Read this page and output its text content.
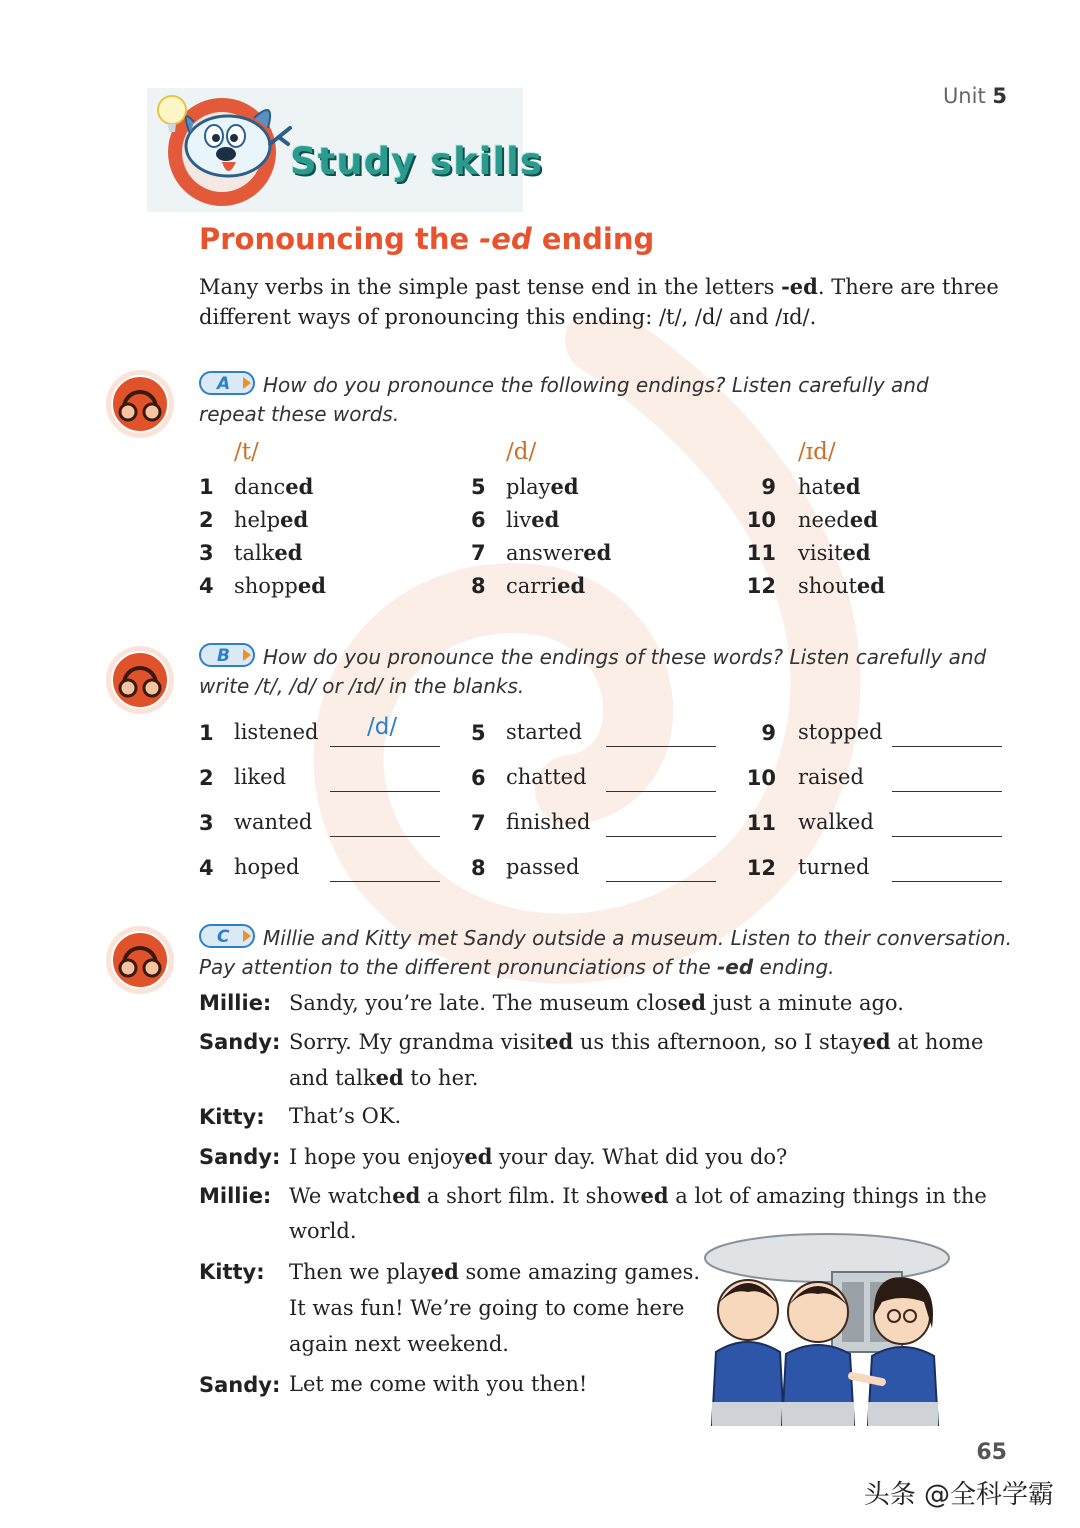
Unit 5
Study skills
Pronouncing the -ed ending
Many verbs in the simple past tense end in the letters -ed. There are three
different ways of pronouncing this ending: /t/, /d/ and /ɪd/.
A How do you pronounce the following endings? Listen carefully and
repeat these words.
/t/	/d/	/ɪd/
1 danced
2 helped
3 talked
4 shopped
5 played
6 lived
7 answered
8 carried
9 hated
10 needed
11 visited
12 shouted
B How do you pronounce the endings of these words? Listen carefully and
write /t/, /d/ or /ɪd/ in the blanks.
1 listened /d/
2 liked
3 wanted
4 hoped
5 started
6 chatted
7 finished
8 passed
9 stopped
10 raised
11 walked
12 turned
C Millie and Kitty met Sandy outside a museum. Listen to their conversation.
Pay attention to the different pronunciations of the -ed ending.
Millie: Sandy, you’re late. The museum closed just a minute ago.
Sandy: Sorry. My grandma visited us this afternoon, so I stayed at home
and talked to her.
Kitty: That’s OK.
Sandy: I hope you enjoyed your day. What did you do?
Millie: We watched a short film. It showed a lot of amazing things in the
world.
Kitty: Then we played some amazing games.
It was fun! We’re going to come here
again next weekend.
Sandy: Let me come with you then!
65
头条 @全科学霸
